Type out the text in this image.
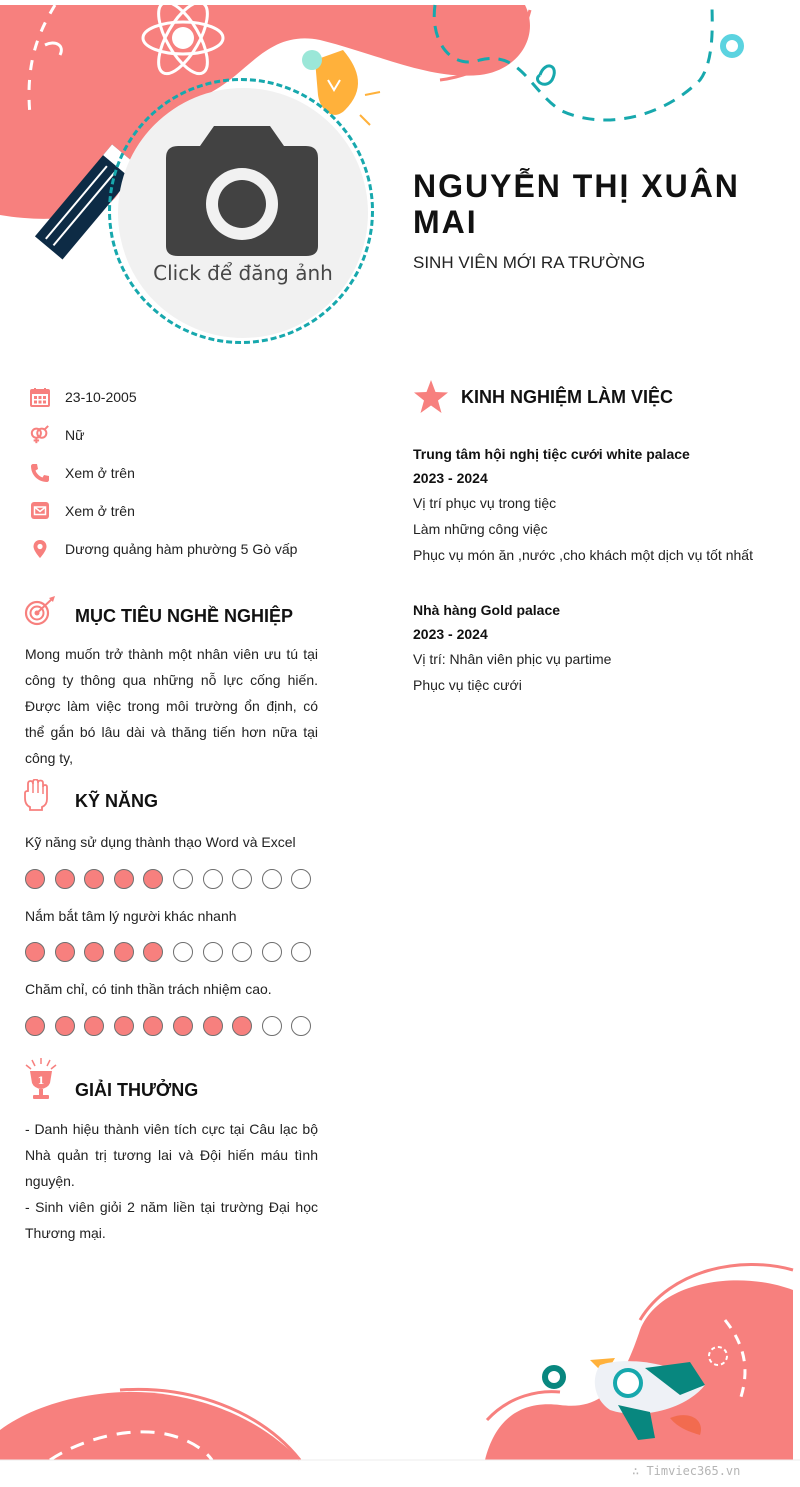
Click để đăng ảnh
NGUYỄN THỊ XUÂN MAI
SINH VIÊN MỚI RA TRƯỜNG
23-10-2005
Nữ
Xem ở trên
Xem ở trên
Dương quảng hàm phường 5 Gò vấp
MỤC TIÊU NGHỀ NGHIỆP
Mong muốn trở thành một nhân viên ưu tú tại công ty thông qua những nỗ lực cống hiến. Được làm việc trong môi trường ổn định, có thể gắn bó lâu dài và thăng tiến hơn nữa tại công ty,
KỸ NĂNG
Kỹ năng sử dụng thành thạo Word và Excel
Nắm bắt tâm lý người khác nhanh
Chăm chỉ, có tinh thần trách nhiệm cao.
1 GIẢI THƯỞNG
- Danh hiệu thành viên tích cực tại Câu lạc bộ Nhà quản trị tương lai và Đội hiến máu tình nguyện.
- Sinh viên giỏi 2 năm liền tại trường Đại học Thương mại.
KINH NGHIỆM LÀM VIỆC
Trung tâm hội nghị tiệc cưới white palace
2023 - 2024
Vị trí phục vụ trong tiệc
Làm những công việc
Phục vụ món ăn ,nước ,cho khách một dịch vụ tốt nhất
Nhà hàng Gold palace
2023 - 2024
Vị trí: Nhân viên phịc vụ partime
Phục vụ tiệc cưới
∴ Timviec365.vn
